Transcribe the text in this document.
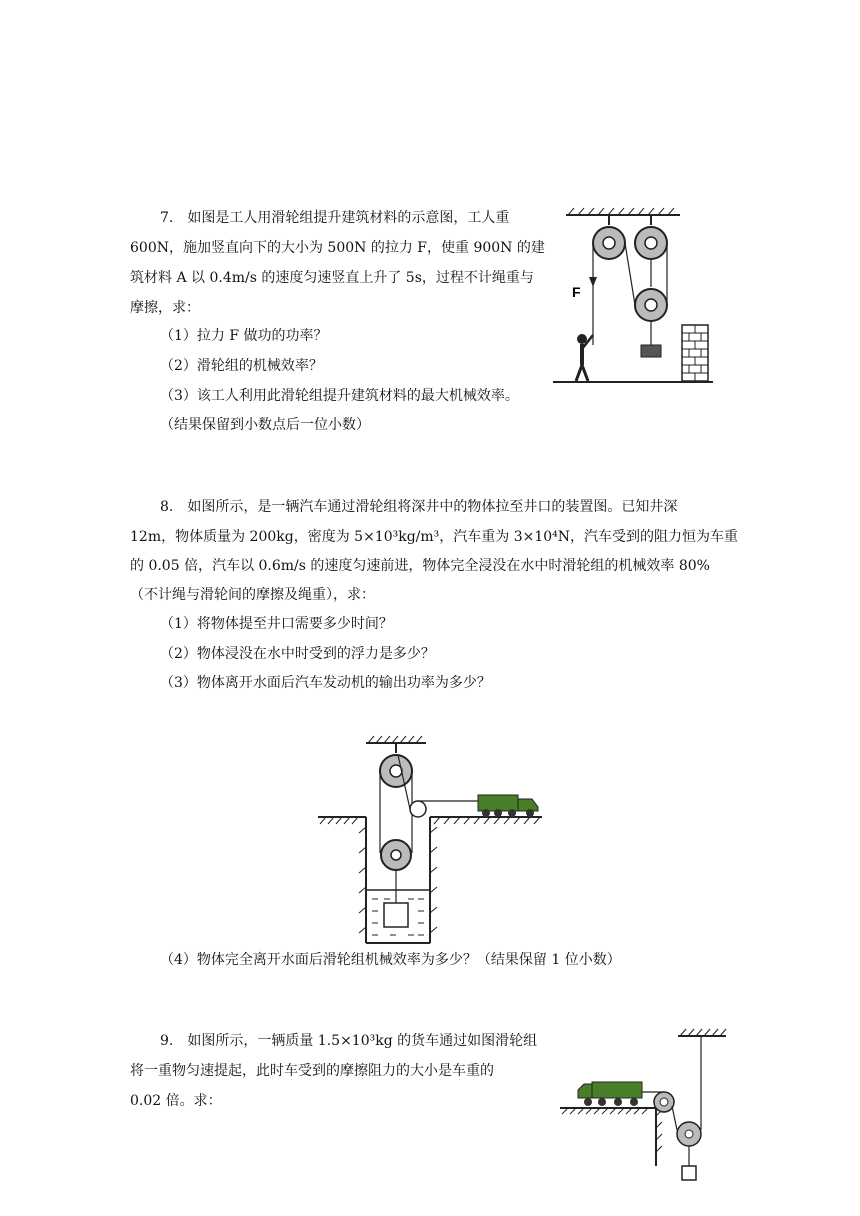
7.　如图是工人用滑轮组提升建筑材料的示意图，工人重
600N，施加竖直向下的大小为 500N 的拉力 F，使重 900N 的建
筑材料 A 以 0.4m/s 的速度匀速竖直上升了 5s，过程不计绳重与
摩擦，求：
（1）拉力 F 做功的功率？
（2）滑轮组的机械效率？
（3）该工人利用此滑轮组提升建筑材料的最大机械效率。
（结果保留到小数点后一位小数）
F
8.　如图所示，是一辆汽车通过滑轮组将深井中的物体拉至井口的装置图。已知井深
12m，物体质量为 200kg，密度为 5×10³kg/m³，汽车重为 3×10⁴N，汽车受到的阻力恒为车重
的 0.05 倍，汽车以 0.6m/s 的速度匀速前进，物体完全浸没在水中时滑轮组的机械效率 80%
（不计绳与滑轮间的摩擦及绳重），求：
（1）将物体提至井口需要多少时间？
（2）物体浸没在水中时受到的浮力是多少？
（3）物体离开水面后汽车发动机的输出功率为多少？
（4）物体完全离开水面后滑轮组机械效率为多少？（结果保留 1 位小数）
9.　如图所示，一辆质量 1.5×10³kg 的货车通过如图滑轮组
将一重物匀速提起，此时车受到的摩擦阻力的大小是车重的
0.02 倍。求：
